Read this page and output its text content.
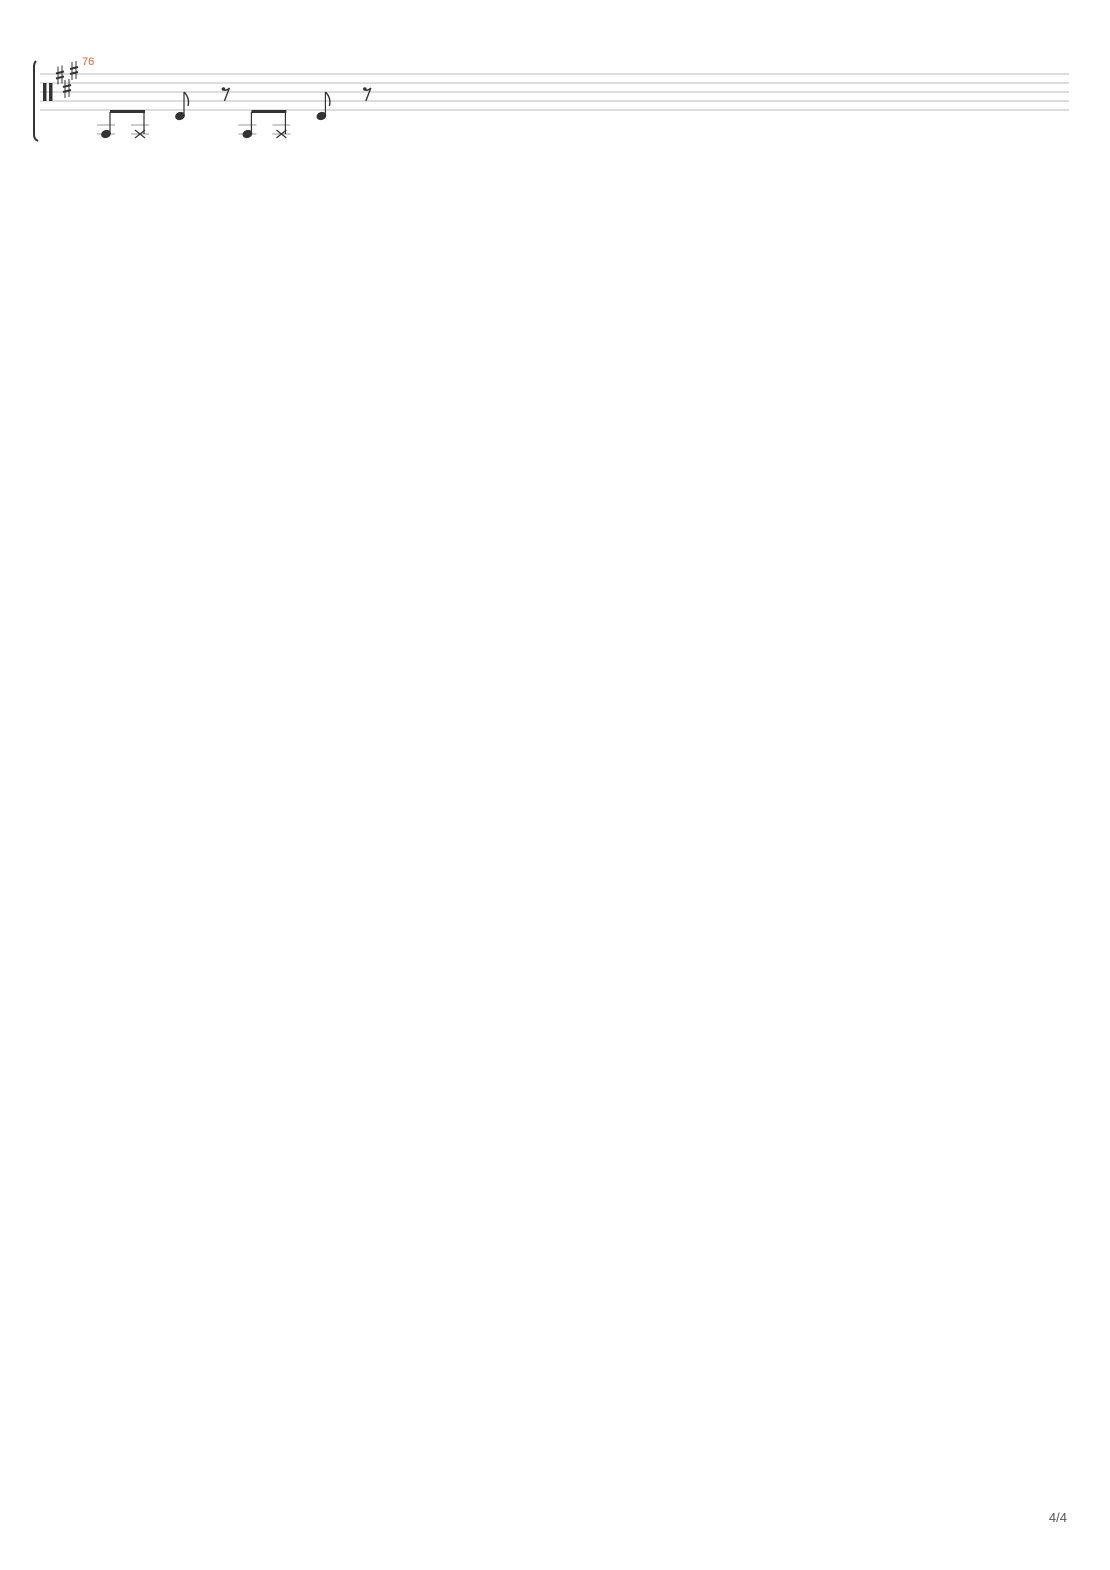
76
4/4
